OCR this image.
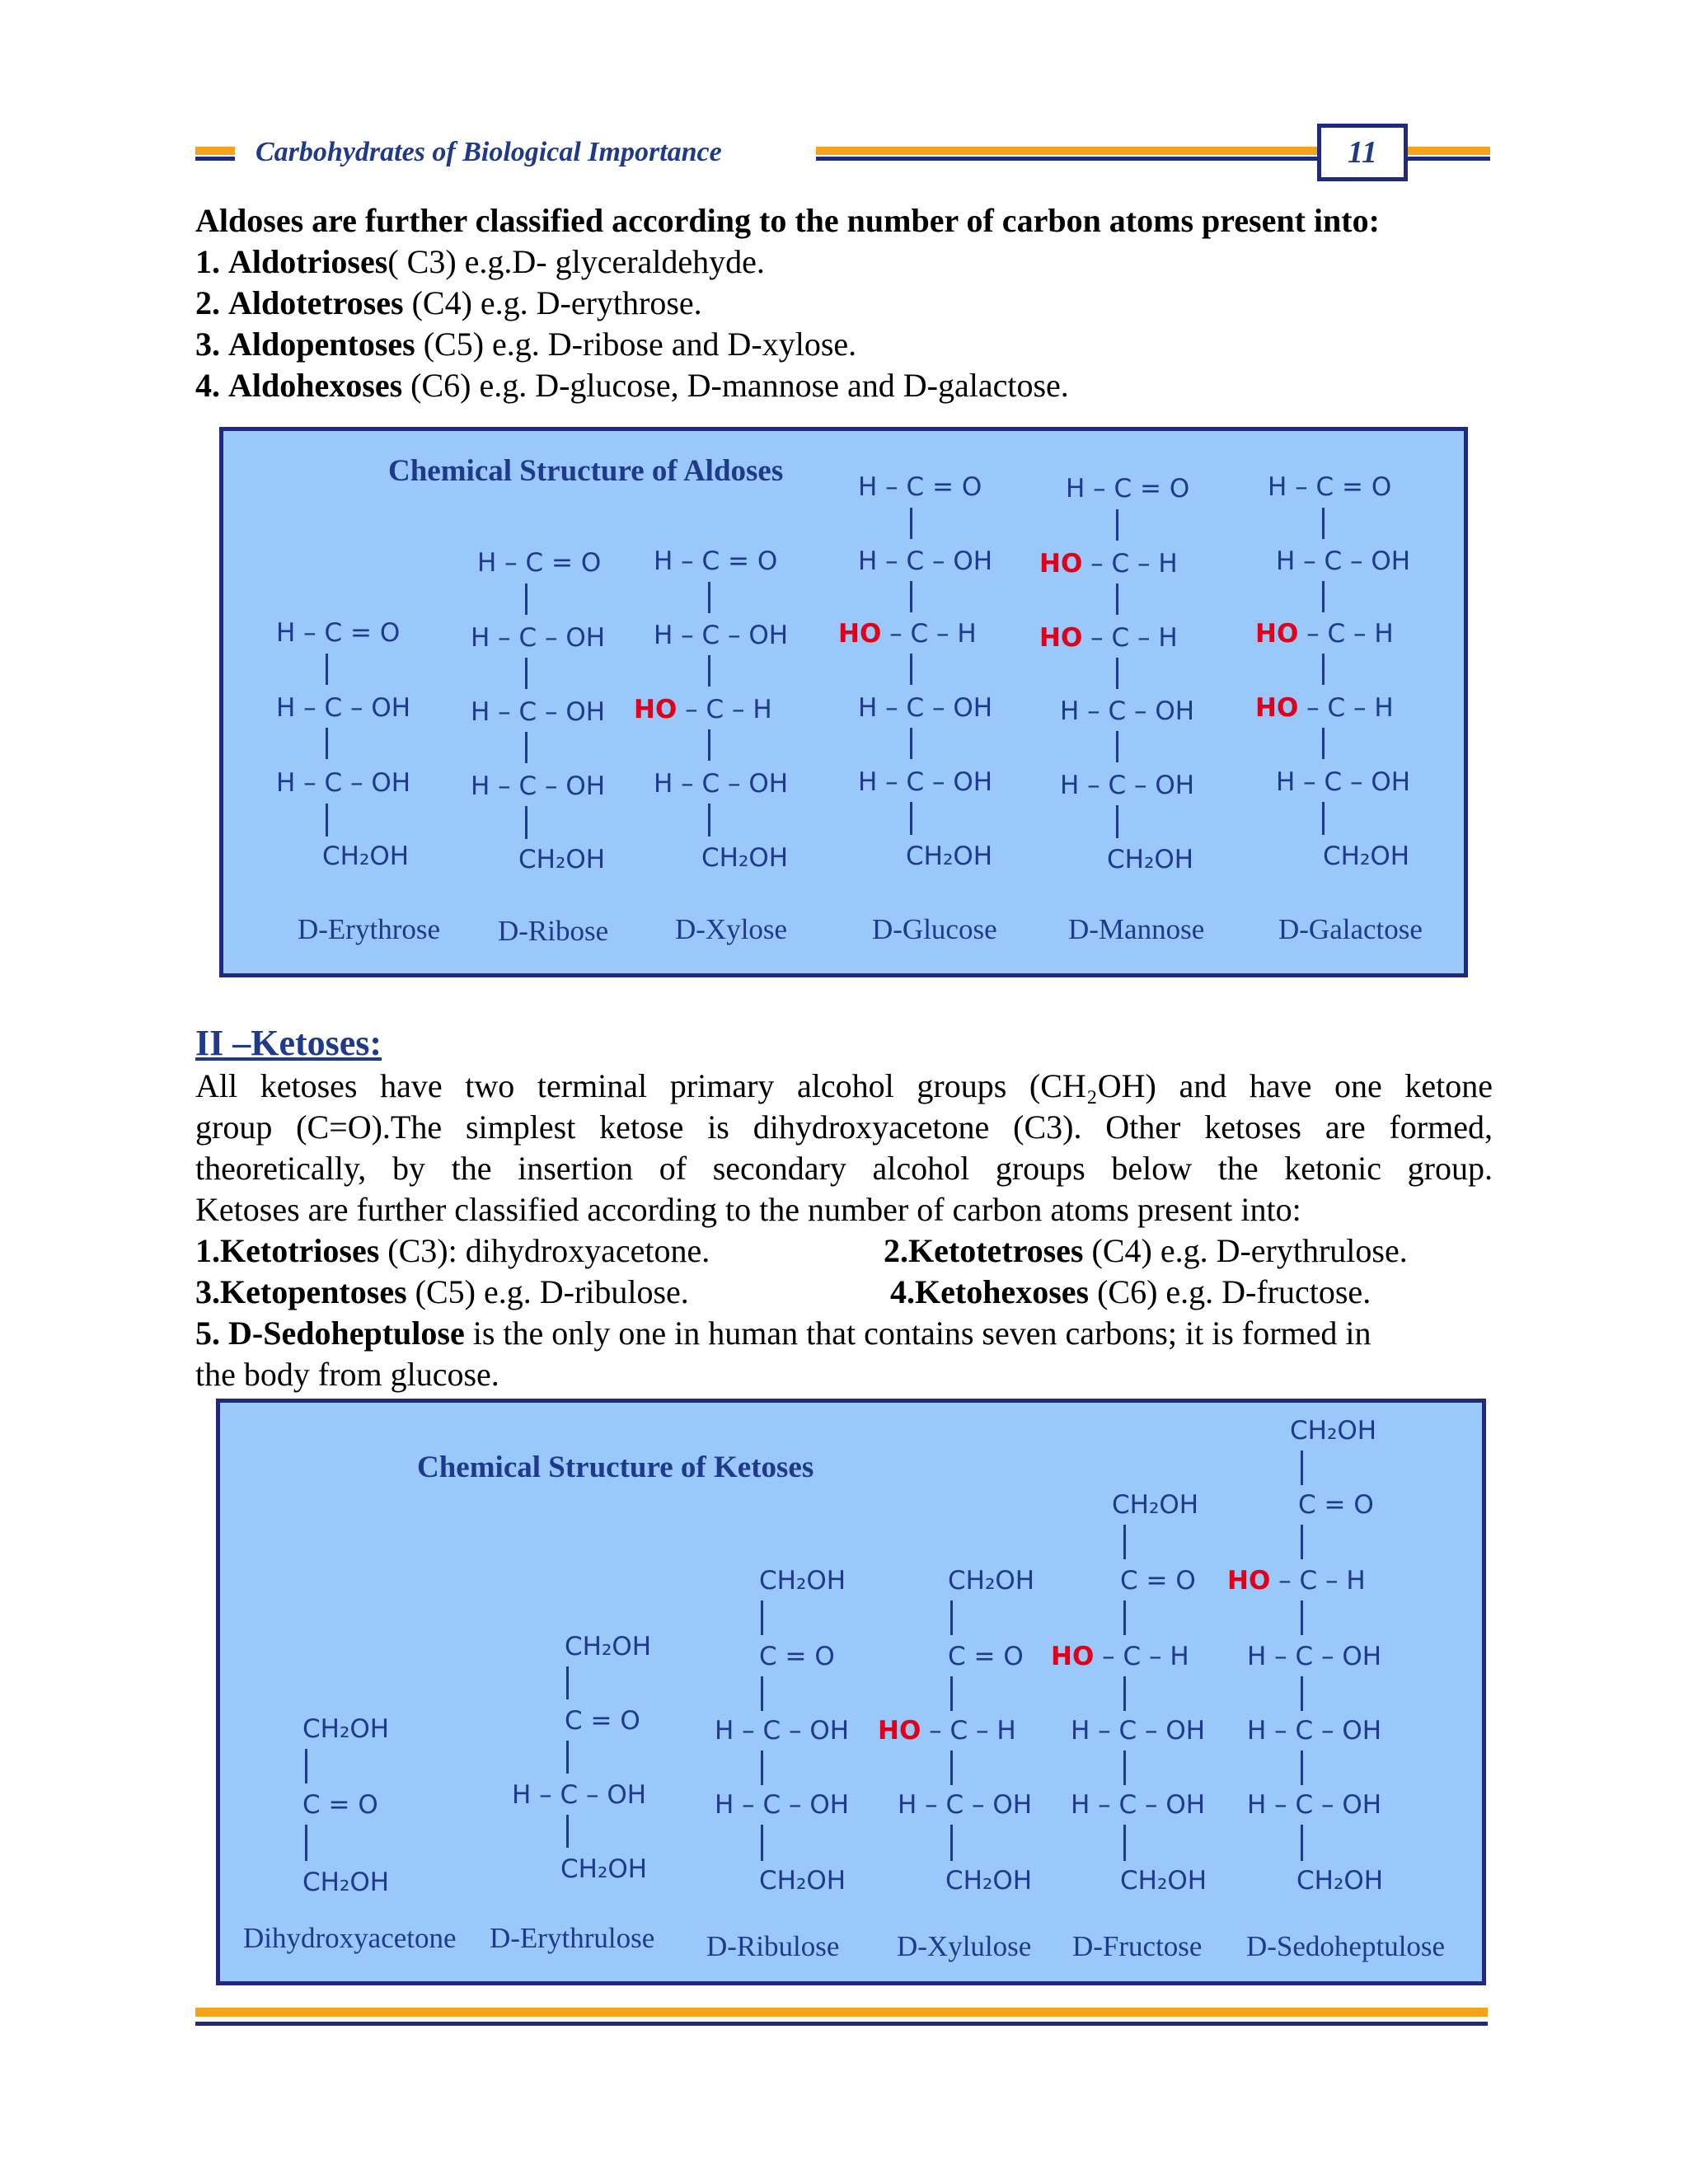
Carbohydrates of Biological Importance	11
Aldoses are further classified according to the number of carbon atoms present into:
1. Aldotrioses( C3) e.g.D- glyceraldehyde.
2. Aldotetroses (C4) e.g. D-erythrose.
3. Aldopentoses (C5) e.g. D-ribose and D-xylose.
4. Aldohexoses (C6) e.g. D-glucose, D-mannose and D-galactose.
Chemical Structure of Aldoses
H – C = O
H – C – OH
H – C – OH
CH₂OH
D-Erythrose
H – C = O
H – C – OH
H – C – OH
H – C – OH
CH₂OH
D-Ribose
H – C = O
H – C – OH
HO – C – H
H – C – OH
CH₂OH
D-Xylose
H – C = O
H – C – OH
HO – C – H
H – C – OH
H – C – OH
CH₂OH
D-Glucose
H – C = O
HO – C – H
HO – C – H
H – C – OH
H – C – OH
CH₂OH
D-Mannose
H – C = O
H – C – OH
HO – C – H
HO – C – H
H – C – OH
CH₂OH
D-Galactose
II –Ketoses:
All ketoses have two terminal primary alcohol groups (CH₂OH) and have one ketone
group (C=O).The simplest ketose is dihydroxyacetone (C3). Other ketoses are formed,
theoretically, by the insertion of secondary alcohol groups below the ketonic group.
Ketoses are further classified according to the number of carbon atoms present into:
1.Ketotrioses (C3): dihydroxyacetone.	2.Ketotetroses (C4) e.g. D-erythrulose.
3.Ketopentoses (C5) e.g. D-ribulose.	4.Ketohexoses (C6) e.g. D-fructose.
5. D-Sedoheptulose is the only one in human that contains seven carbons; it is formed in
the body from glucose.
Chemical Structure of Ketoses
CH₂OH
C = O
CH₂OH
Dihydroxyacetone
CH₂OH
C = O
H – C – OH
CH₂OH
D-Erythrulose
CH₂OH
C = O
H – C – OH
H – C – OH
CH₂OH
D-Ribulose
CH₂OH
C = O
HO – C – H
H – C – OH
CH₂OH
D-Xylulose
CH₂OH
C = O
HO – C – H
H – C – OH
H – C – OH
CH₂OH
D-Fructose
CH₂OH
C = O
HO – C – H
H – C – OH
H – C – OH
H – C – OH
CH₂OH
D-Sedoheptulose
